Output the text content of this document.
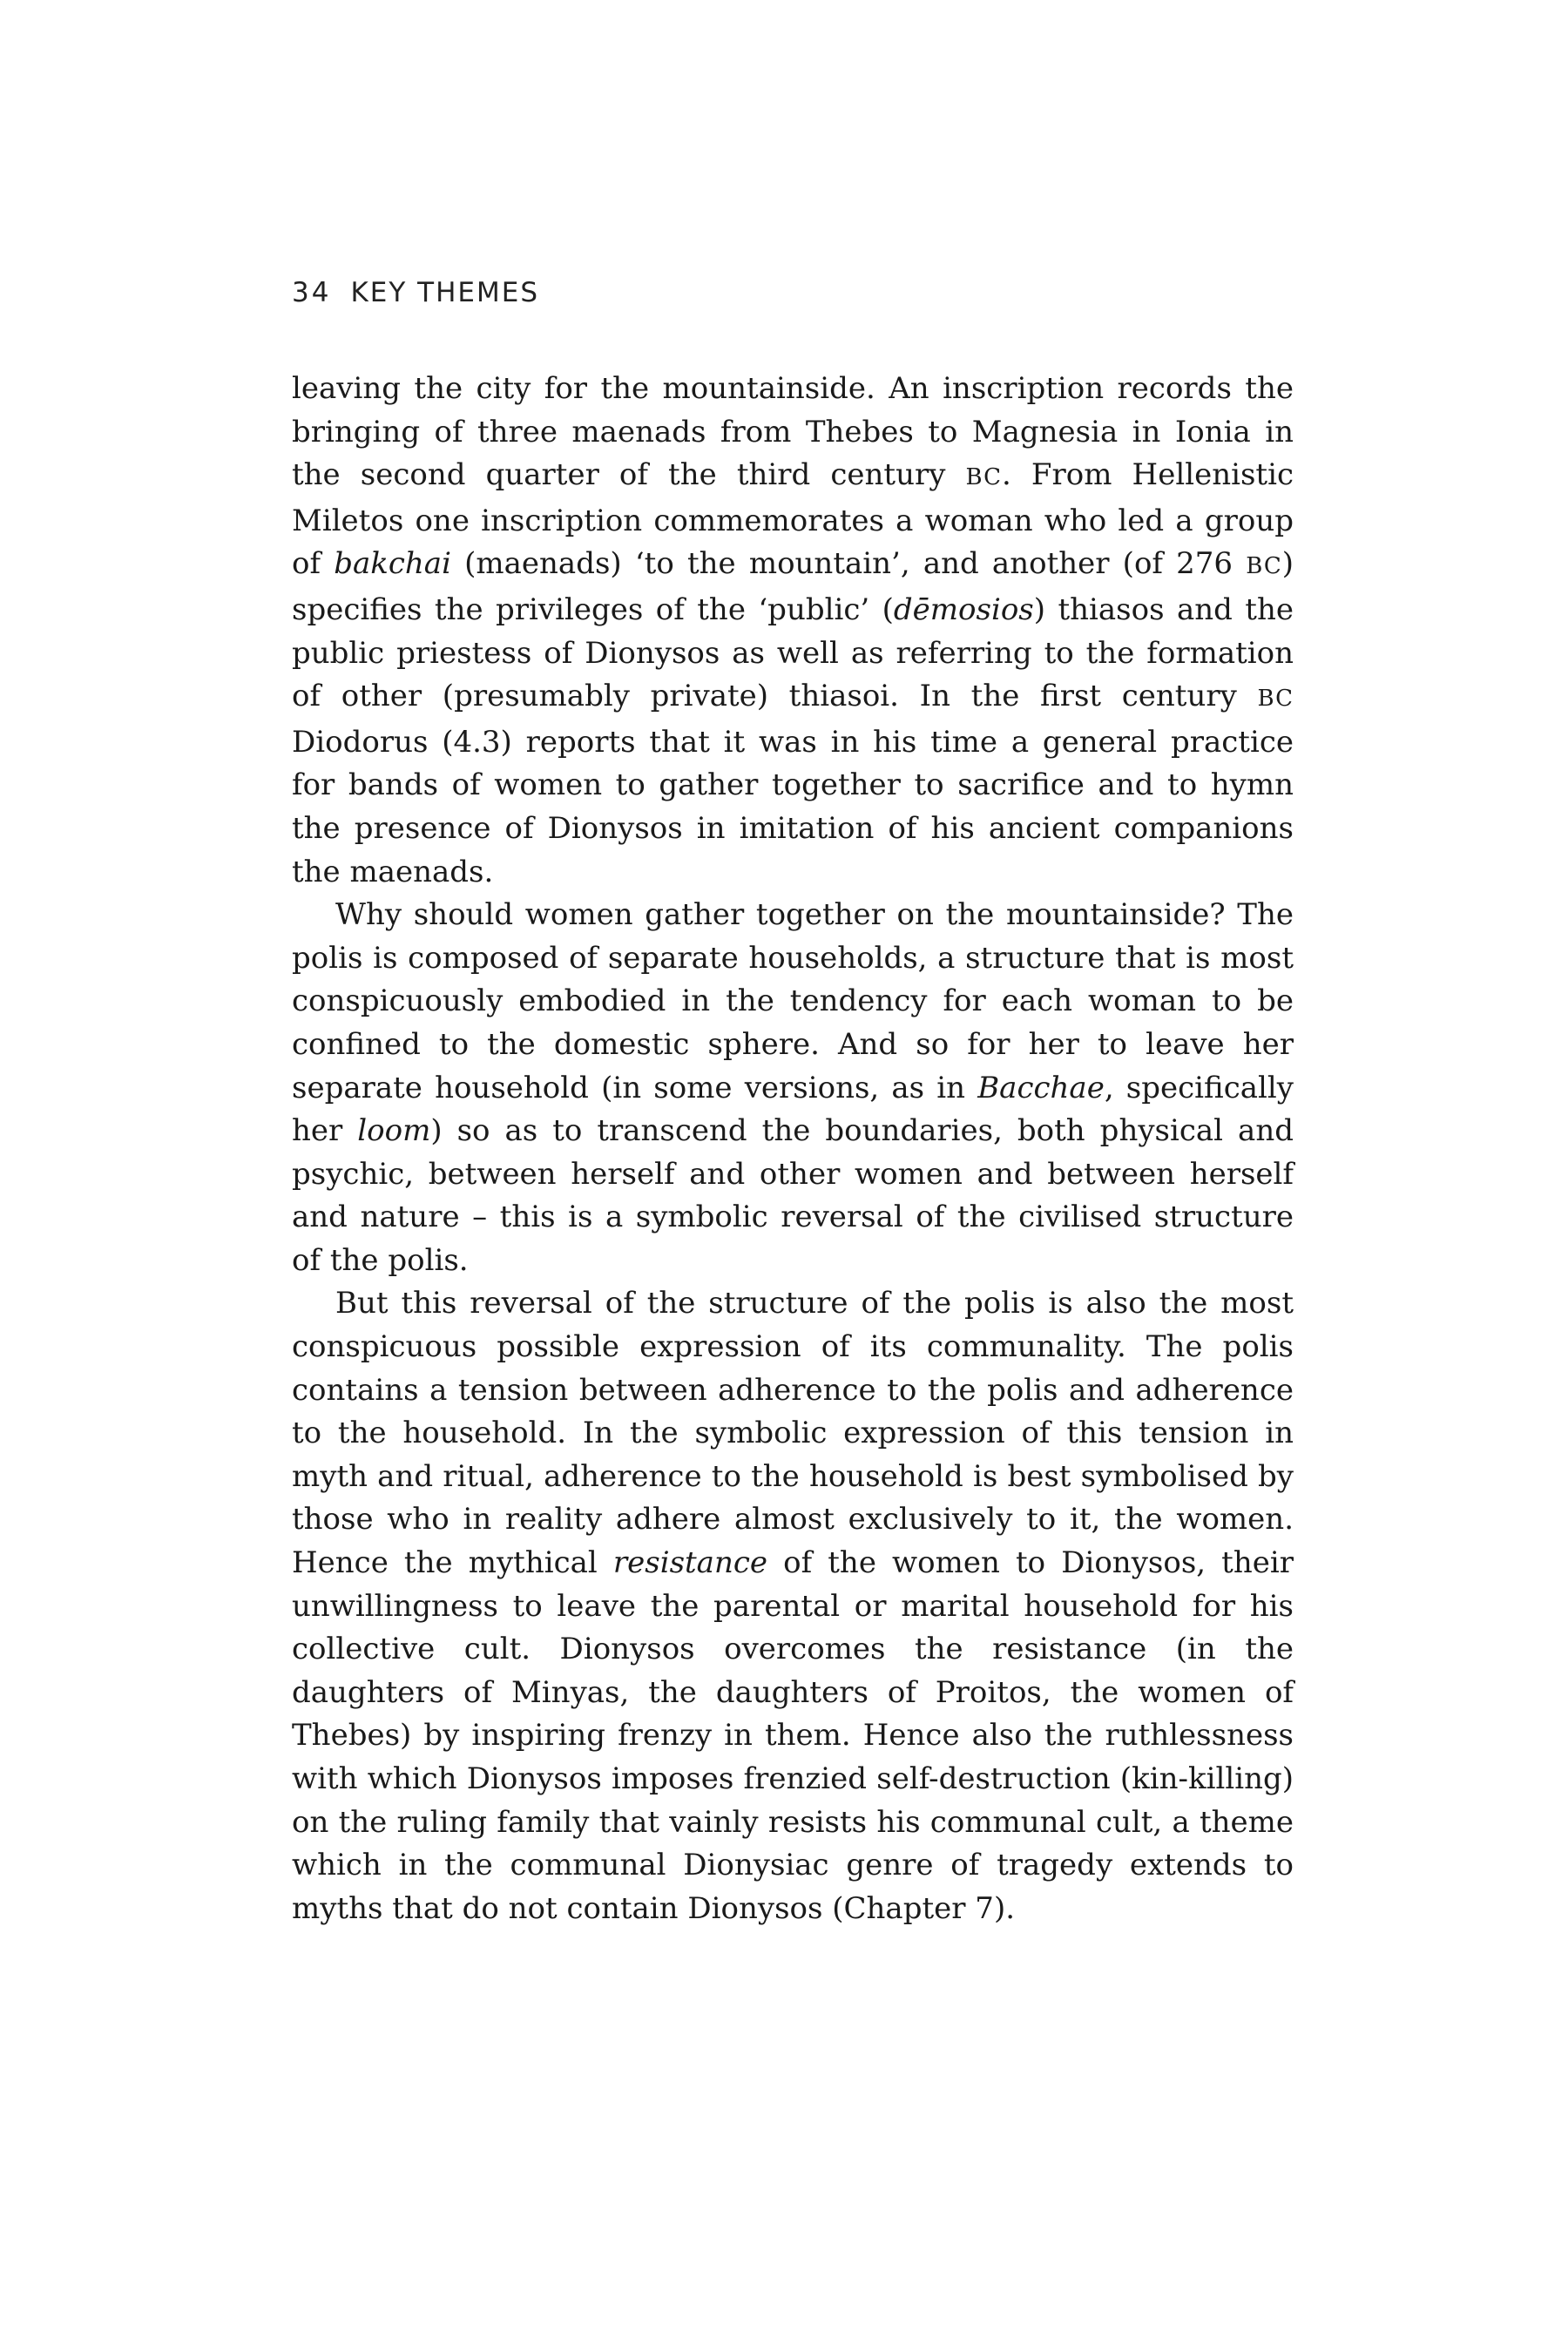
34 KEY THEMES

leaving the city for the mountainside. An inscription records the bringing of three maenads from Thebes to Magnesia in Ionia in the second quarter of the third century BC. From Hellenistic Miletos one inscription commemorates a woman who led a group of bakchai (maenads) ‘to the mountain’, and another (of 276 BC) specifies the privileges of the ‘public’ (dēmosios) thiasos and the public priestess of Dionysos as well as referring to the formation of other (presumably private) thiasoi. In the first century BC Diodorus (4.3) reports that it was in his time a general practice for bands of women to gather together to sacrifice and to hymn the presence of Dionysos in imitation of his ancient companions the maenads.

Why should women gather together on the mountainside? The polis is composed of separate households, a structure that is most conspicuously embodied in the tendency for each woman to be confined to the domestic sphere. And so for her to leave her separate household (in some versions, as in Bacchae, specifically her loom) so as to transcend the boundaries, both physical and psychic, between herself and other women and between herself and nature – this is a symbolic reversal of the civilised structure of the polis.

But this reversal of the structure of the polis is also the most conspicuous possible expression of its communality. The polis contains a tension between adherence to the polis and adherence to the household. In the symbolic expression of this tension in myth and ritual, adherence to the household is best symbolised by those who in reality adhere almost exclusively to it, the women. Hence the mythical resistance of the women to Dionysos, their unwillingness to leave the parental or marital household for his collective cult. Dionysos overcomes the resistance (in the daughters of Minyas, the daughters of Proitos, the women of Thebes) by inspiring frenzy in them. Hence also the ruthlessness with which Dionysos imposes frenzied self-destruction (kin-killing) on the ruling family that vainly resists his communal cult, a theme which in the communal Dionysiac genre of tragedy extends to myths that do not contain Dionysos (Chapter 7).
